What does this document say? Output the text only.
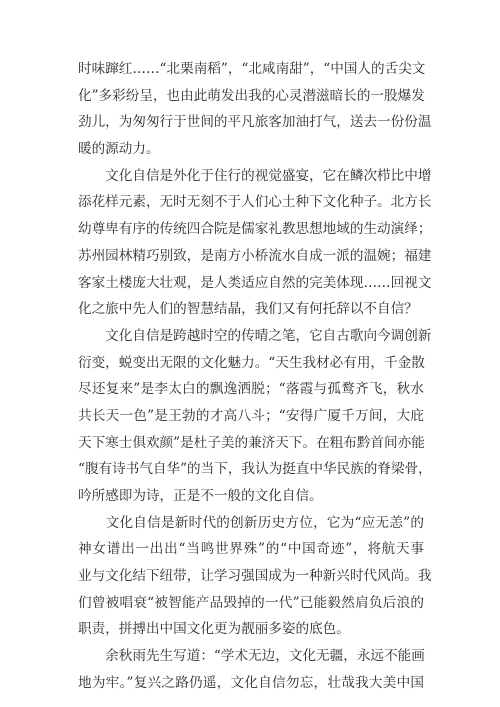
时味蹿红……“北栗南稻”，“北咸南甜”，“中国人的舌尖文
化”多彩纷呈，也由此萌发出我的心灵潜滋暗长的一股爆发
劲儿，为匆匆行于世间的平凡旅客加油打气，送去一份份温
暖的源动力。
　　文化自信是外化于住行的视觉盛宴，它在鳞次栉比中增
添花样元素，无时无刻不于人们心土种下文化种子。北方长
幼尊卑有序的传统四合院是儒家礼教思想地域的生动演绎；
苏州园林精巧别致，是南方小桥流水自成一派的温婉；福建
客家土楼庞大壮观，是人类适应自然的完美体现……回视文
化之旅中先人们的智慧结晶，我们又有何托辞以不自信？
　　文化自信是跨越时空的传晴之笔，它自古歌向今调创新
衍变，蜕变出无限的文化魅力。“天生我材必有用，千金散
尽还复来”是李太白的飘逸洒脱；“落霞与孤鹜齐飞，秋水
共长天一色”是王勃的才高八斗；“安得广厦千万间，大庇
天下寒士俱欢颜”是杜子美的兼济天下。在粗布黔首间亦能
“腹有诗书气自华”的当下，我认为挺直中华民族的脊梁骨，
吟所感即为诗，正是不一般的文化自信。
　　文化自信是新时代的创新历史方位，它为“应无恙”的
神女谱出一出出“当鸣世界殊”的“中国奇迹”，将航天事
业与文化结下纽带，让学习强国成为一种新兴时代风尚。我
们曾被唱衰“被智能产品毁掉的一代”已能毅然肩负后浪的
职责，拼搏出中国文化更为靓丽多姿的底色。
　　余秋雨先生写道：“学术无边，文化无疆，永远不能画
地为牢。”复兴之路仍遥，文化自信勿忘，壮哉我大美中国
